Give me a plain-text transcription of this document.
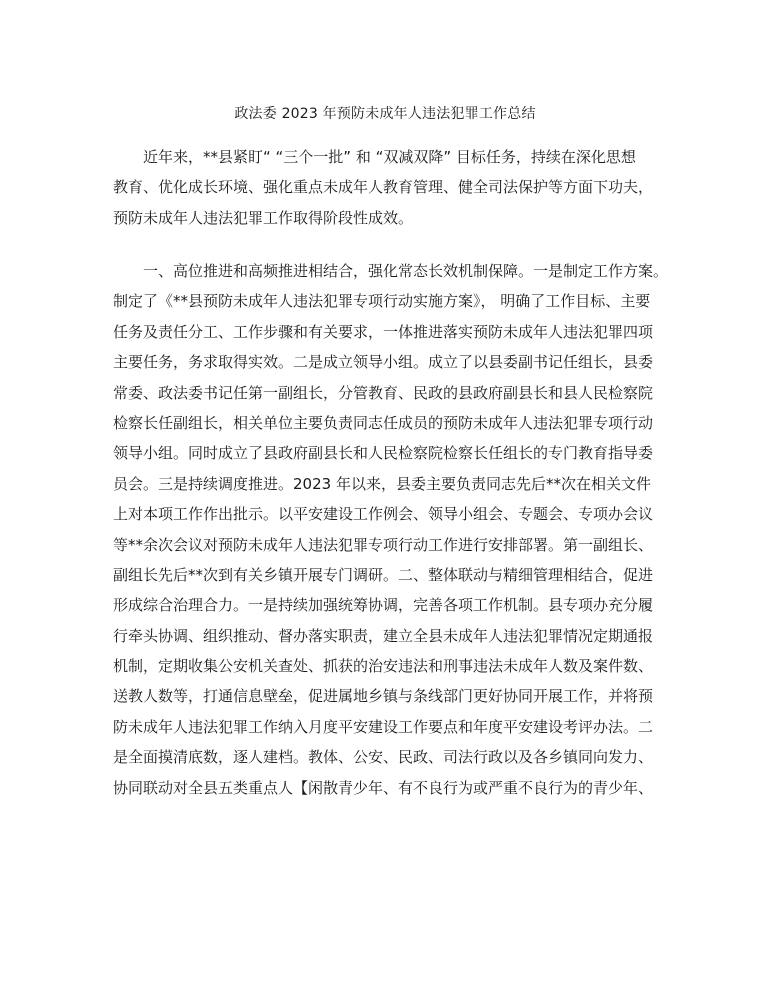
政法委 2023 年预防未成年人违法犯罪工作总结
近年来，**县紧盯“ “三个一批” 和 “双减双降” 目标任务，持续在深化思想
教育、优化成长环境、强化重点未成年人教育管理、健全司法保护等方面下功夫，
预防未成年人违法犯罪工作取得阶段性成效。
一、高位推进和高频推进相结合，强化常态长效机制保障。一是制定工作方案。
制定了《**县预防未成年人违法犯罪专项行动实施方案》， 明确了工作目标、主要
任务及责任分工、工作步骤和有关要求，一体推进落实预防未成年人违法犯罪四项
主要任务，务求取得实效。二是成立领导小组。成立了以县委副书记任组长，县委
常委、政法委书记任第一副组长，分管教育、民政的县政府副县长和县人民检察院
检察长任副组长，相关单位主要负责同志任成员的预防未成年人违法犯罪专项行动
领导小组。同时成立了县政府副县长和人民检察院检察长任组长的专门教育指导委
员会。三是持续调度推进。2023 年以来，县委主要负责同志先后**次在相关文件
上对本项工作作出批示。以平安建设工作例会、领导小组会、专题会、专项办会议
等**余次会议对预防未成年人违法犯罪专项行动工作进行安排部署。第一副组长、
副组长先后**次到有关乡镇开展专门调研。二、整体联动与精细管理相结合，促进
形成综合治理合力。一是持续加强统筹协调，完善各项工作机制。县专项办充分履
行牵头协调、组织推动、督办落实职责，建立全县未成年人违法犯罪情况定期通报
机制，定期收集公安机关查处、抓获的治安违法和刑事违法未成年人数及案件数、
送教人数等，打通信息壁垒，促进属地乡镇与条线部门更好协同开展工作，并将预
防未成年人违法犯罪工作纳入月度平安建设工作要点和年度平安建设考评办法。二
是全面摸清底数，逐人建档。教体、公安、民政、司法行政以及各乡镇同向发力、
协同联动对全县五类重点人【闲散青少年、有不良行为或严重不良行为的青少年、
